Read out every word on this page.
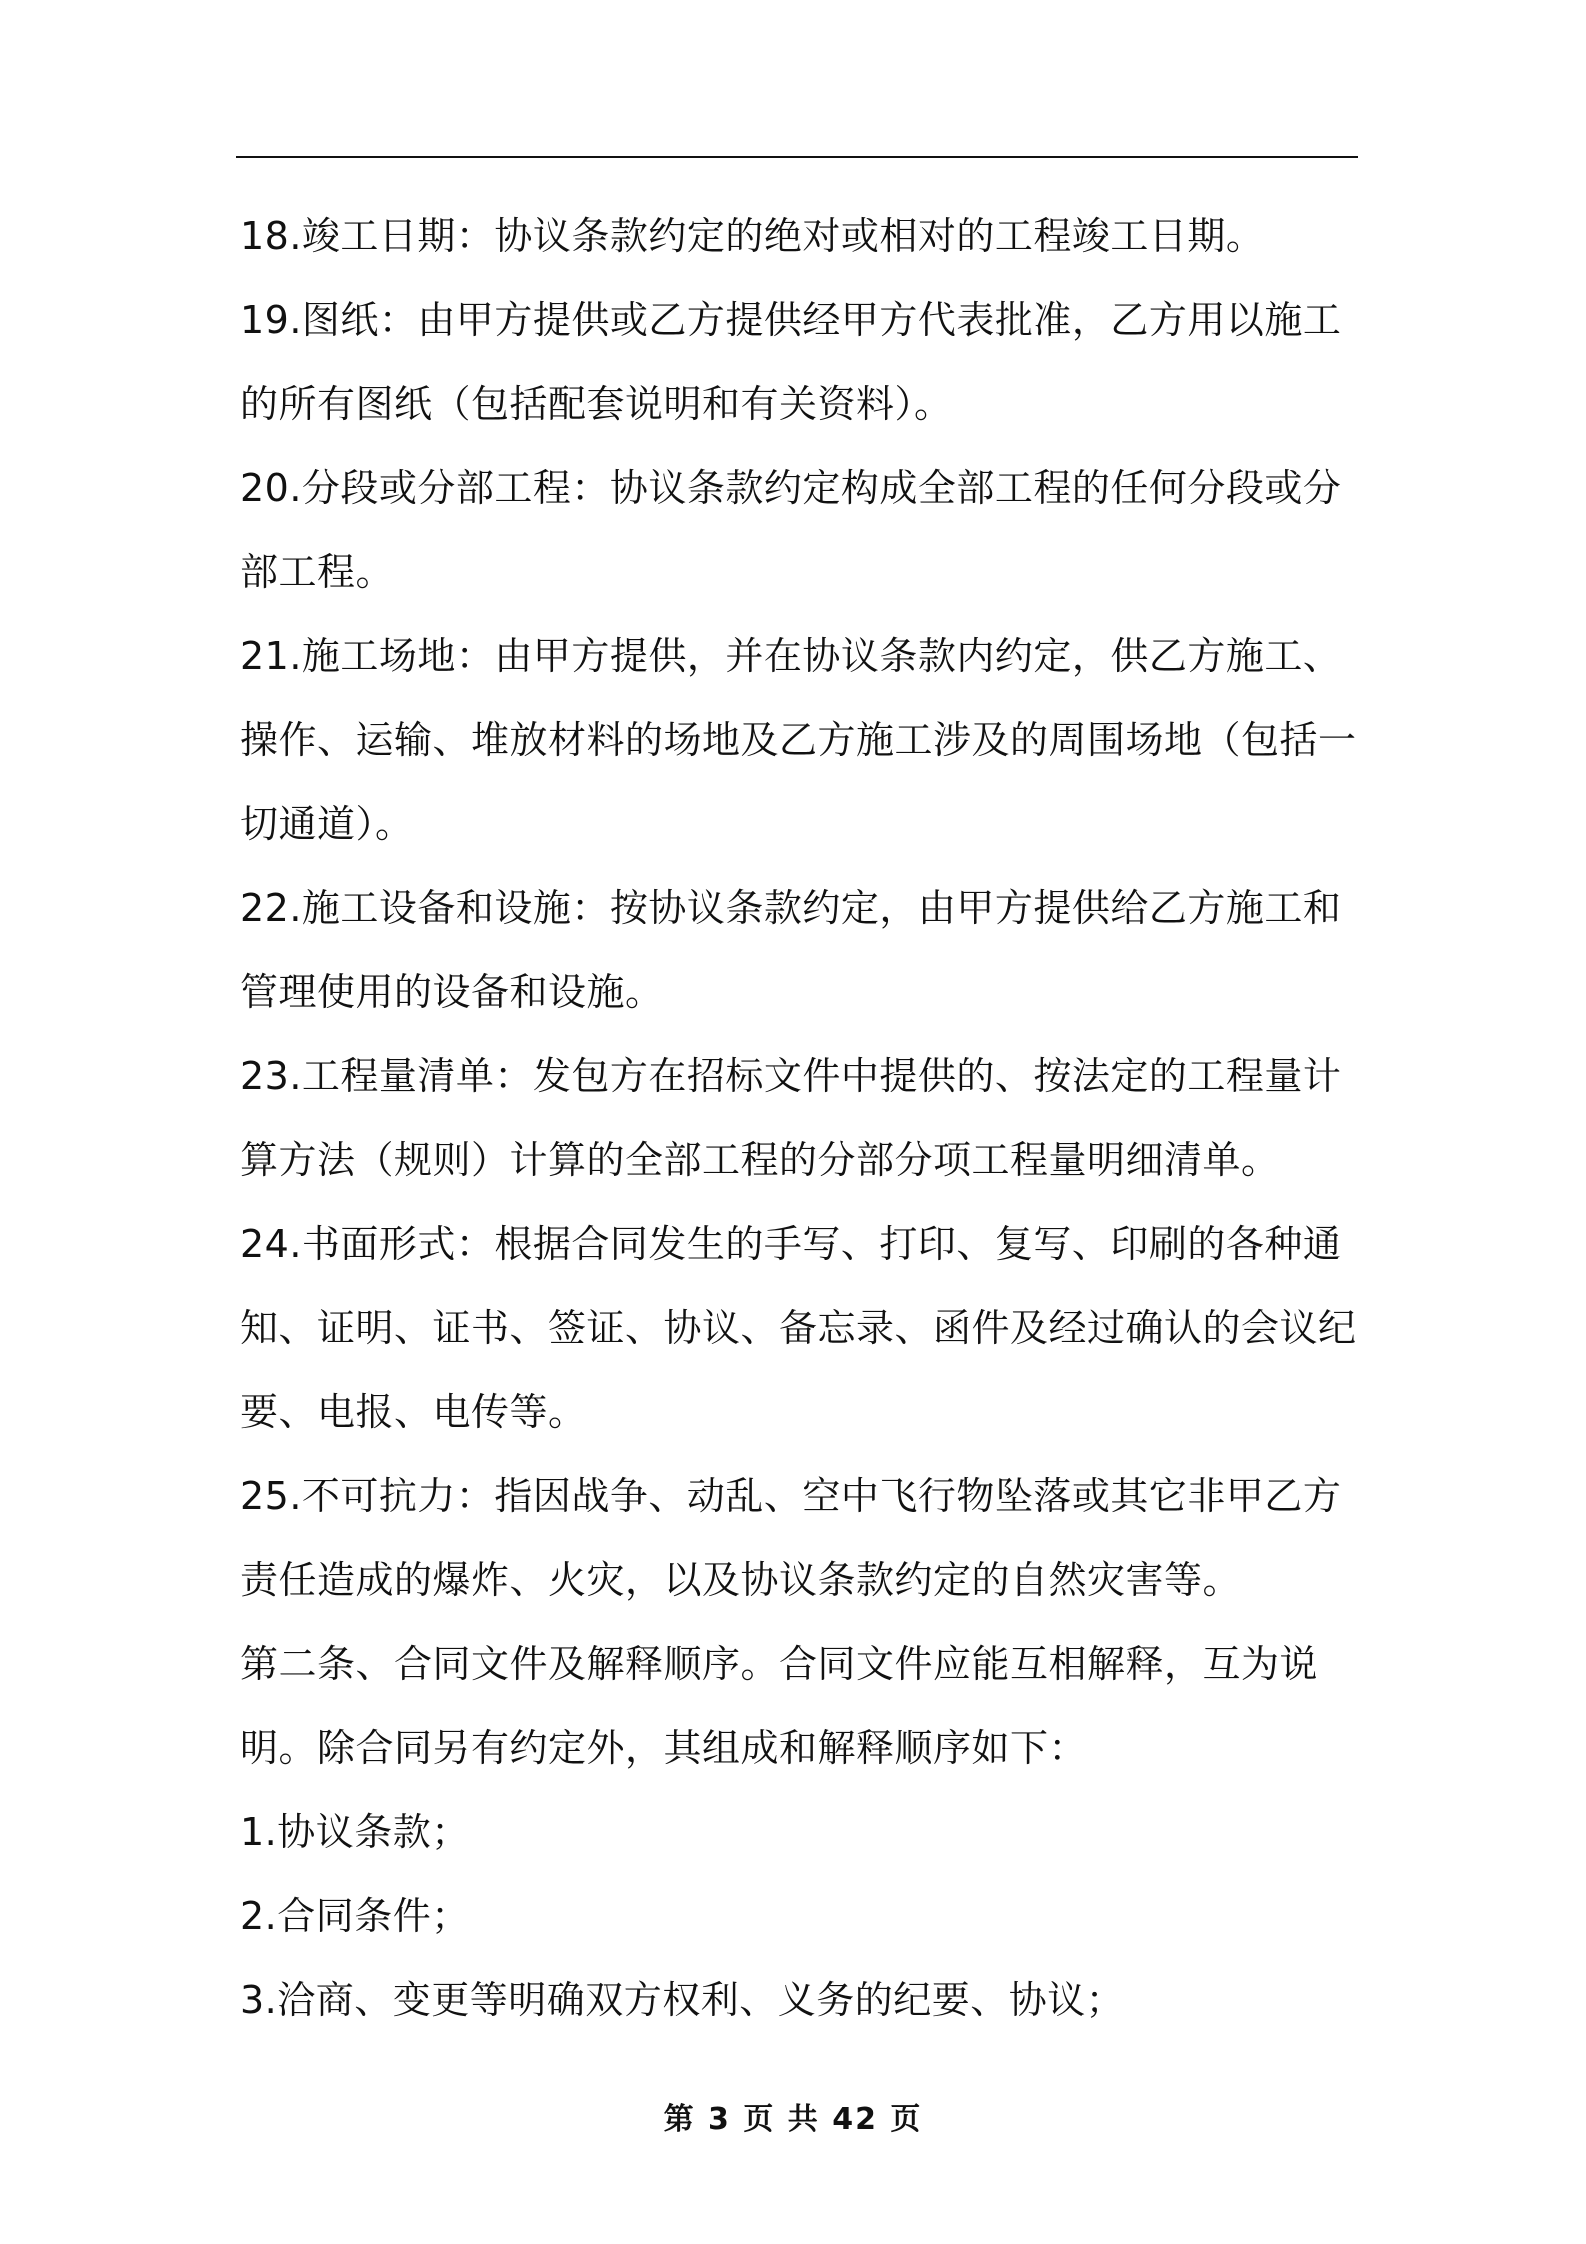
18.竣工日期：协议条款约定的绝对或相对的工程竣工日期。

19.图纸：由甲方提供或乙方提供经甲方代表批准，乙方用以施工的所有图纸（包括配套说明和有关资料）。

20.分段或分部工程：协议条款约定构成全部工程的任何分段或分部工程。

21.施工场地：由甲方提供，并在协议条款内约定，供乙方施工、操作、运输、堆放材料的场地及乙方施工涉及的周围场地（包括一切通道）。

22.施工设备和设施：按协议条款约定，由甲方提供给乙方施工和管理使用的设备和设施。

23.工程量清单：发包方在招标文件中提供的、按法定的工程量计算方法（规则）计算的全部工程的分部分项工程量明细清单。

24.书面形式：根据合同发生的手写、打印、复写、印刷的各种通知、证明、证书、签证、协议、备忘录、函件及经过确认的会议纪要、电报、电传等。

25.不可抗力：指因战争、动乱、空中飞行物坠落或其它非甲乙方责任造成的爆炸、火灾，以及协议条款约定的自然灾害等。

第二条、合同文件及解释顺序。合同文件应能互相解释，互为说明。除合同另有约定外，其组成和解释顺序如下：

1.协议条款；

2.合同条件；

3.洽商、变更等明确双方权利、义务的纪要、协议；

第 3 页 共 42 页
